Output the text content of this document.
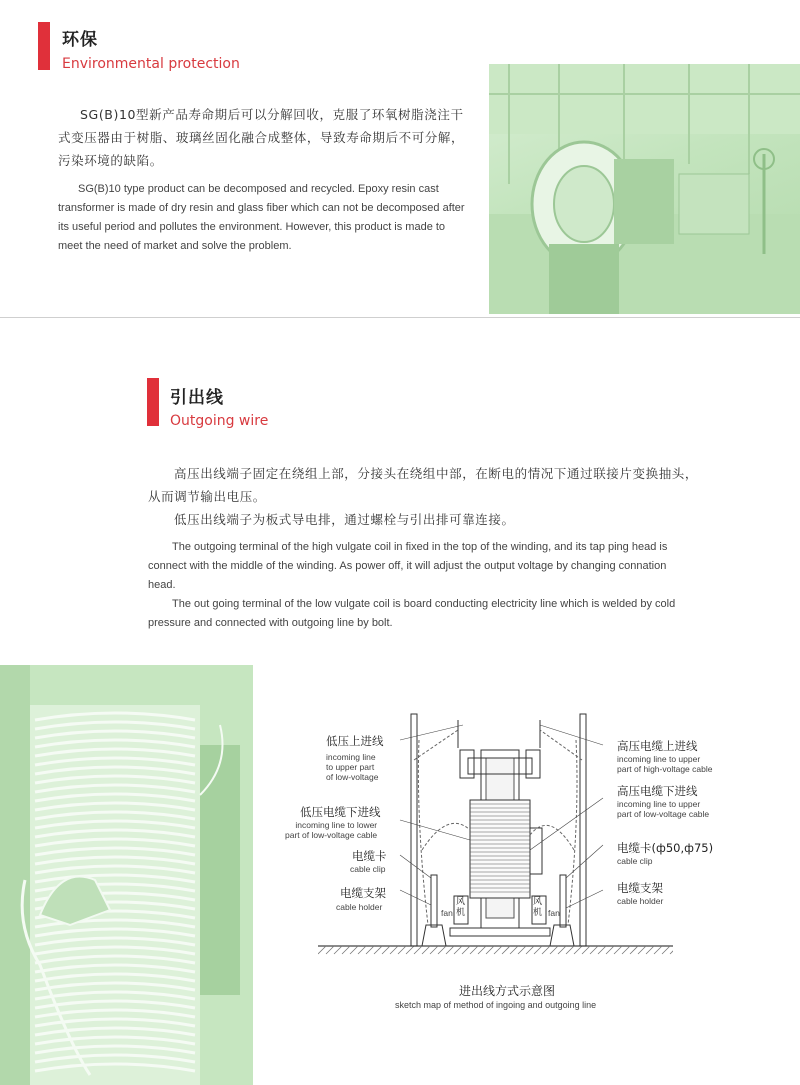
环保
Environmental protection

SG(B)10型新产品寿命期后可以分解回收，克服了环氧树脂浇注干式变压器由于树脂、玻璃丝固化融合成整体，导致寿命期后不可分解，污染环境的缺陷。

SG(B)10 type product can be decomposed and recycled. Epoxy resin cast transformer is made of dry resin and glass fiber which can not be decomposed after its useful period and pollutes the environment. However, this product is made to meet the need of market and solve the problem.

引出线
Outgoing wire

高压出线端子固定在绕组上部，分接头在绕组中部，在断电的情况下通过联接片变换抽头，从而调节输出电压。

低压出线端子为板式导电排，通过螺栓与引出排可靠连接。

The outgoing terminal of the high vulgate coil in fixed in the top of the winding, and its tap ping head is connect with the middle of the winding. As power off, it will adjust the output voltage by changing connation head.

The out going terminal of the low vulgate coil is board conducting electricity line which is welded by cold pressure and connected with outgoing line by bolt.

低压上进线
incoming line
to upper part
of low-voltage
低压电缆下进线
incoming line to lower
part of low-voltage cable
电缆卡
cable clip
电缆支架
cable holder
高压电缆上进线
incoming line to upper
part of high-voltage cable
高压电缆下进线
incoming line to upper
part of low-voltage cable
电缆卡(ф50,ф75)
cable clip
电缆支架
cable holder
fan
风机
风机 fan
进出线方式示意图
sketch map of method of ingoing and outgoing line
